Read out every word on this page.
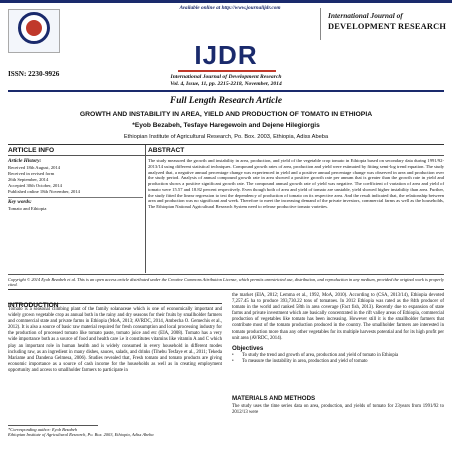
Available online at http://www.journalijdr.com
ISSN: 2230-9926
IJDR
International Journal of
DEVELOPMENT RESEARCH
International Journal of Development Research
Vol. 4, Issue, 11, pp. 2215-2218, November, 2014
Full Length Research Article
GROWTH AND INSTABILITY IN AREA, YIELD AND PRODUCTION OF TOMATO IN ETHIOPIA
*Eyob Bezabeh, Tesfaye Haregewoin and Dejene Hilegiorgis
Ethiopian Institute of Agricultural Research, Po. Box. 2003, Ethiopia, Adiss Abeba
ARTICLE INFO	ABSTRACT
Article History:
Received 18th August, 2014
Received in revised form
26th September, 2014
Accepted 30th October, 2014
Published online 18th November, 2014
Key words:
Tomato and Ethiopia
The study measured the growth and instability in area, production, and yield of the vegetable crop tomato in Ethiopia based on secondary data during 1991/92-2013/14 using different statistical techniques. Compound growth rates of area, production and yield were estimated by fitting semi-log trend equation. The study analyzed that, a negative annual percentage change was experienced in yield and a positive annual percentage change was observed in area and production over the study period. Analysis of annual compound growth rate in area showed a positive growth rate per annum that is greater than the growth rate in yield and production shows a positive significant growth rate. The compound annual growth rate of yield was negative. The coefficient of variation of area and yield of tomato were 15.57 and 18.82 percent respectively. Even though both of area and yield of tomato are unstable, yield showed higher instability than area. Further, the study fitted the linear regression to test the dependency of production of tomato on its respective area. And the result indicated that, the relationship between area and production was no significant and week. Therefore to meet the increasing demand of the private investors, commercial farms as well as the households, The Ethiopian National Agricultural Research System need to release productive tomato varieties.
Copyright © 2014 Eyob Bezabeh et al. This is an open access article distributed under the Creative Commons Attribution License, which permits unrestricted use, distribution, and reproduction in any medium, provided the original work is properly cited.
INTRODUCTION
Tomato is a seasonal climbing plant of the family solanaceae which is one of economically important and widely grown vegetable crop as annual both in the rainy and dry seasons for their fruits by smallholder farmers and commercial state and private farms in Ethiopia (MoA, 2013; AVRDC, 2014, Ambecha O. Gemechis et al., 2012). It is also a source of basic raw material required for fresh consumption and local processing industry for the production of processed tomato like tomato paste, tomato juice and etc (EIA, 2008). Tomato has a very wide importance both as a source of food and health care i.e it constitutes vitamins like vitamin A and C which play an important role in human health and is widely consumed in every household in different modes including raw, as an ingredient in many dishes, sauces, salads, and drinks (Tihebu Tesfaye et al., 2011; Tekeda Mariame and Dandena Gelmesa, 2006). Studies revealed that, Fresh tomato and tomato products are giving economic importance as a source of cash income for the households as well as in creating employment opportunity and access to smallholder farmers to participate in
*Corresponding author: Eyob Bezabeh
Ethiopian Institute of Agricultural Research, Po. Box. 2003, Ethiopia, Adiss Abeba
the market (EIA, 2012; Lemma et al., 1992, MoA, 2010). According to (CSA, 2013/14), Ethiopia devoted 7,257.45 ha to produce 393,730.22 tons of tomatoes. In 2012 Ethiopia was rated as the 84th producer of tomato in the world and ranked 58th in area coverage (Fact fish, 2013). Recently due to expansion of state farms and private investment which are basically concentrated in the rift valley areas of Ethiopia, commercial production of vegetables like tomato has been increasing. However still it is the smallholder farmers that contribute most of the tomato production produced in the country. The smallholder farmers are interested in tomato production more than any other vegetables for its multiple harvests potential and for its high profit per unit area (AVRDC, 2014).
Objectives
•	To study the trend and growth of area, production and yield of tomato in Ethiopia
•	To measure the instability in area, production and yield of tomato
MATERIALS AND METHODS
The study uses the time series data on area, production, and yields of tomato for 23years from 1991/92 to 2012/13 were
